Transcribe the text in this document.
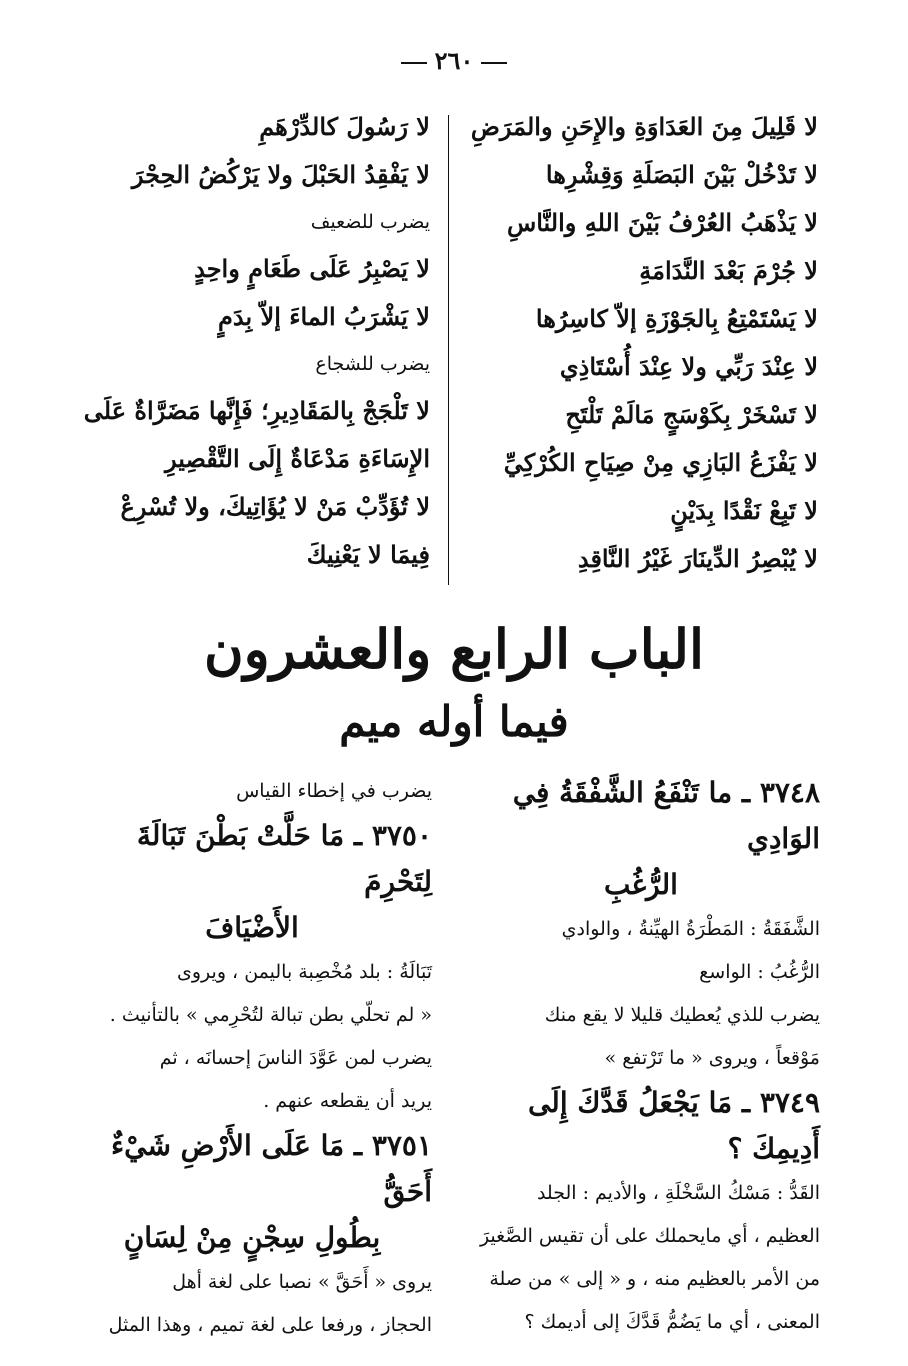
٢٦٠
لا قَلِيلَ مِنَ العَدَاوَةِ والإِحَنِ والمَرَضِ
لا تَدْخُلْ بَيْنَ البَصَلَةِ وَقِشْرِها
لا يَذْهَبُ العُرْفُ بَيْنَ اللهِ والنَّاسِ
لا جُرْمَ بَعْدَ النَّدَامَةِ
لا يَسْتَمْتِعُ بِالجَوْزَةِ إلاّ كاسِرُها
لا عِنْدَ رَبِّي ولا عِنْدَ أُسْتَاذِي
لا تَسْخَرْ بِكَوْسَجٍ مَالَمْ تَلْتَحِ
لا يَفْزَعُ البَازِي مِنْ صِيَاحِ الكُرْكِيِّ
لا تَبِعْ نَقْدًا بِدَيْنٍ
لا يُبْصِرُ الدِّينَارَ غَيْرُ النَّاقِدِ
لا رَسُولَ كالدِّرْهَمِ
لا يَفْقِدُ الحَبْلَ ولا يَرْكُضُ الحِجْرَ
يضرب للضعيف
لا يَصْبِرُ عَلَى طَعَامٍ واحِدٍ
لا يَشْرَبُ الماءَ إلاّ بِدَمٍ
يضرب للشجاع
لا تَلْجَجْ بِالمَقَادِيرِ؛ فَإِنَّها مَضَرَّاةٌ عَلَى
الإِسَاءَةِ مَدْعَاةٌ إِلَى التَّقْصِيرِ
لا تُؤَدِّبْ مَنْ لا يُؤَاتِيكَ، ولا تُسْرِعْ
فِيمَا لا يَعْنِيكَ
الباب الرابع والعشرون
فيما أوله ميم
٣٧٤٨ ـ ما تَنْفَعُ الشَّفْقَةُ فِي الوَادِي
الرُّغُبِ
الشَّفَقَةُ : المَطْرَةُ الهيِّنةُ ، والوادي
الرُّغُبُ : الواسع
يضرب للذي يُعطيك قليلا لا يقع منك
مَوْقعاً ، ويروى « ما تَرْتفع »
٣٧٤٩ ـ مَا يَجْعَلُ قَدَّكَ إِلَى أَدِيمِكَ ؟
القَدُّ : مَسْكُ السَّخْلَةِ ، والأديم : الجلد
العظيم ، أي مايحملك على أن تقيس الصَّغيرَ
من الأمر بالعظيم منه ، و « إلى » من صلة
المعنى ، أي ما يَضُمُّ قَدَّكَ إلى أديمك ؟
يضرب في إخطاء القياس
٣٧٥٠ ـ مَا حَلَّتْ بَطْنَ تَبَالَةَ لِتَحْرِمَ
الأَضْيَافَ
تَبَالَةُ : بلد مُخْصِبة باليمن ، ويروى
« لم تحلّي بطن تبالة لتُحْرِمي » بالتأنيث .
يضرب لمن عَوَّدَ الناسَ إحسانَه ، ثم
يريد أن يقطعه عنهم .
٣٧٥١ ـ مَا عَلَى الأَرْضِ شَيْءٌ أَحَقُّ
بِطُولِ سِجْنٍ مِنْ لِسَانٍ
يروى « أَحَقَّ » نصبا على لغة أهل
الحجاز ، ورفعا على لغة تميم ، وهذا المثل
